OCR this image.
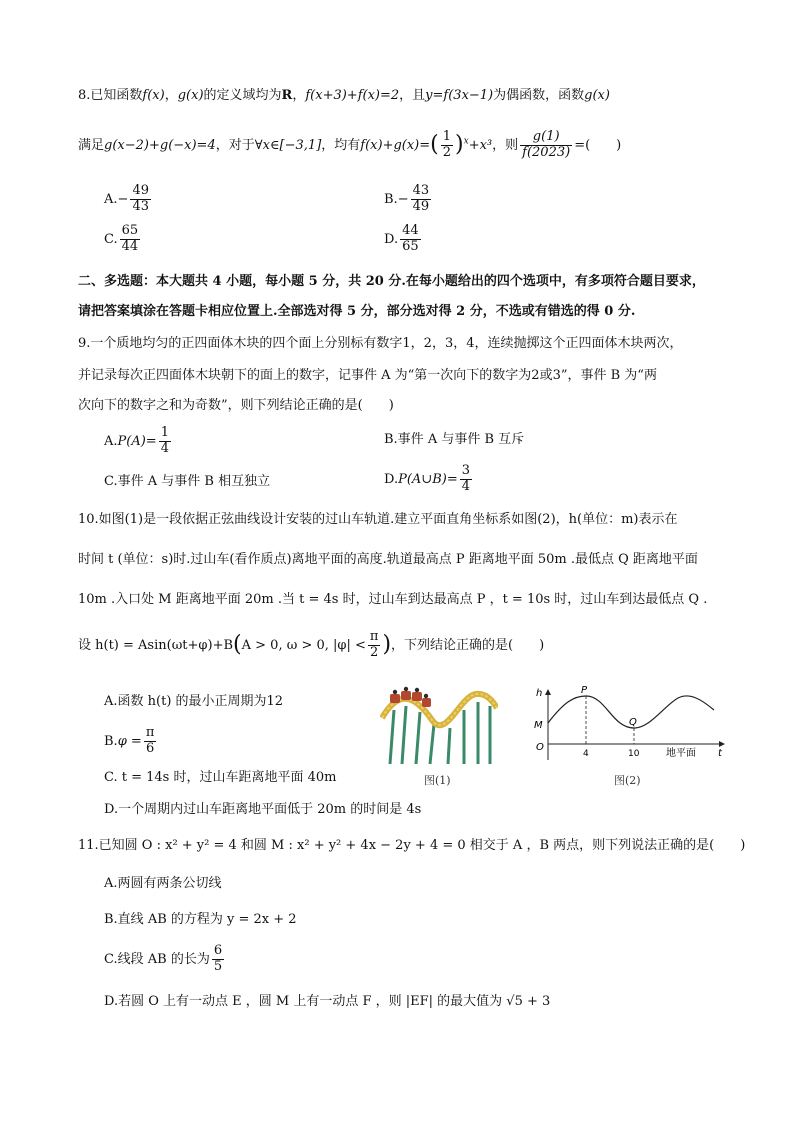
8.已知函数f(x)，g(x)的定义域均为R，f(x+3)+f(x)=2，且y=f(3x−1)为偶函数，函数g(x)
满足g(x−2)+g(−x)=4，对于∀x∈[−3,1]，均有$f(x)+g(x)=( \frac{1}{2} )^x+x^3$，则 $\frac{g(1)}{f(2023)}$ =(　　)
$A.- \frac{49}{43}$	$B.- \frac{43}{49}$
C. $\frac{65}{44}$	D. $\frac{44}{65}$
二、多选题：本大题共 4 小题，每小题 5 分，共 20 分.在每小题给出的四个选项中，有多项符合题目要求，
请把答案填涂在答题卡相应位置上.全部选对得 5 分，部分选对得 2 分，不选或有错选的得 0 分.
9.一个质地均匀的正四面体木块的四个面上分别标有数字1，2，3，4，连续抛掷这个正四面体木块两次，
并记录每次正四面体木块朝下的面上的数字，记事件 A 为“第一次向下的数字为2或3”，事件 B 为“两
次向下的数字之和为奇数”，则下列结论正确的是(　　)
$A.P(A)= \frac{1}{4}$	B.事件 A 与事件 B 互斥
C.事件 A 与事件 B 相互独立	D.P(A∪B)= $\frac{3}{4}$
10.如图(1)是一段依据正弦曲线设计安装的过山车轨道.建立平面直角坐标系如图(2)，h(单位：m)表示在
时间 t (单位：s)时.过山车(看作质点)离地平面的高度.轨道最高点 P 距离地平面 50m .最低点 Q 距离地平面
10m .入口处 M 距离地平面 20m .当 t = 4s 时，过山车到达最高点 P ，t = 10s 时，过山车到达最低点 Q .
设 h(t) = Asin(ωt+φ)+B(A > 0, ω > 0, $|\varphi| < \frac{\pi}{2}$ )，下列结论正确的是(　　)
A.函数 h(t) 的最小正周期为12
$B.\varphi = \frac{\pi}{6}$
C. t = 14s 时，过山车距离地平面 40m
D.一个周期内过山车距离地平面低于 20m 的时间是 4s
图(1)
h
t
O
M
P
Q
4	10	地平面
图(2)
11.已知圆 O : x² + y² = 4 和圆 M : x² + y² + 4x − 2y + 4 = 0 相交于 A ，B 两点，则下列说法正确的是(　　)
A.两圆有两条公切线
B.直线 AB 的方程为 y = 2x + 2
C.线段 AB 的长为 $\frac{6}{5}$
D.若圆 O 上有一动点 E ，圆 M 上有一动点 F ，则 |EF| 的最大值为 √5 + 3
